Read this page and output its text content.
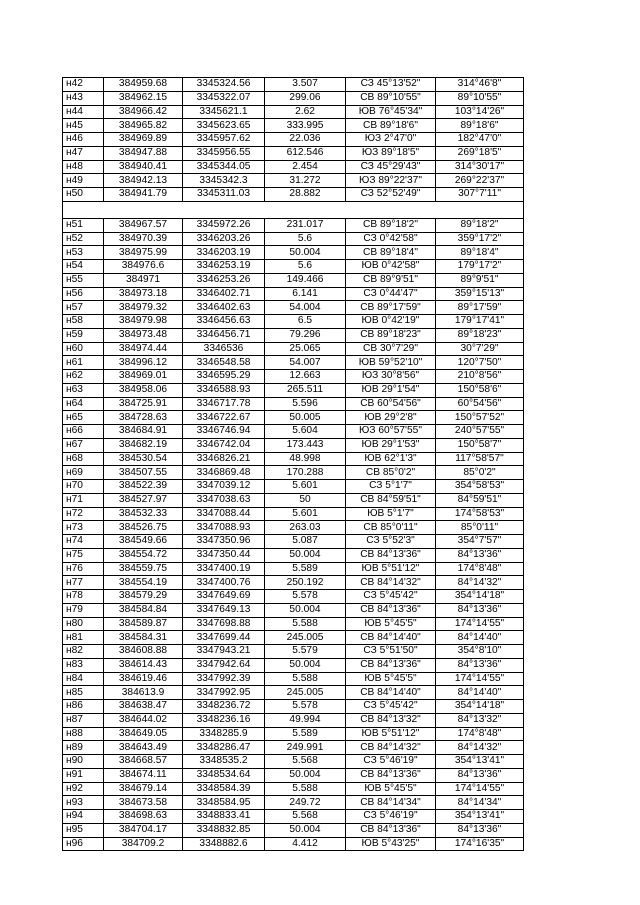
н42	384959.68	3345324.56	3.507	СЗ 45°13'52"	314°46'8"
н43	384962.15	3345322.07	299.06	СВ 89°10'55"	89°10'55"
н44	384966.42	3345621.1	2.62	ЮВ 76°45'34"	103°14'26"
н45	384965.82	3345623.65	333.995	СВ 89°18'6"	89°18'6"
н46	384969.89	3345957.62	22.036	ЮЗ 2°47'0"	182°47'0"
н47	384947.88	3345956.55	612.546	ЮЗ 89°18'5"	269°18'5"
н48	384940.41	3345344.05	2.454	СЗ 45°29'43"	314°30'17"
н49	384942.13	3345342.3	31.272	ЮЗ 89°22'37"	269°22'37"
н50	384941.79	3345311.03	28.882	СЗ 52°52'49"	307°7'11"

н51	384967.57	3345972.26	231.017	СВ 89°18'2"	89°18'2"
н52	384970.39	3346203.26	5.6	СЗ 0°42'58"	359°17'2"
н53	384975.99	3346203.19	50.004	СВ 89°18'4"	89°18'4"
н54	384976.6	3346253.19	5.6	ЮВ 0°42'58"	179°17'2"
н55	384971	3346253.26	149.466	СВ 89°9'51"	89°9'51"
н56	384973.18	3346402.71	6.141	СЗ 0°44'47"	359°15'13"
н57	384979.32	3346402.63	54.004	СВ 89°17'59"	89°17'59"
н58	384979.98	3346456.63	6.5	ЮВ 0°42'19"	179°17'41"
н59	384973.48	3346456.71	79.296	СВ 89°18'23"	89°18'23"
н60	384974.44	3346536	25.065	СВ 30°7'29"	30°7'29"
н61	384996.12	3346548.58	54.007	ЮВ 59°52'10"	120°7'50"
н62	384969.01	3346595.29	12.663	ЮЗ 30°8'56"	210°8'56"
н63	384958.06	3346588.93	265.511	ЮВ 29°1'54"	150°58'6"
н64	384725.91	3346717.78	5.596	СВ 60°54'56"	60°54'56"
н65	384728.63	3346722.67	50.005	ЮВ 29°2'8"	150°57'52"
н66	384684.91	3346746.94	5.604	ЮЗ 60°57'55"	240°57'55"
н67	384682.19	3346742.04	173.443	ЮВ 29°1'53"	150°58'7"
н68	384530.54	3346826.21	48.998	ЮВ 62°1'3"	117°58'57"
н69	384507.55	3346869.48	170.288	СВ 85°0'2"	85°0'2"
н70	384522.39	3347039.12	5.601	СЗ 5°1'7"	354°58'53"
н71	384527.97	3347038.63	50	СВ 84°59'51"	84°59'51"
н72	384532.33	3347088.44	5.601	ЮВ 5°1'7"	174°58'53"
н73	384526.75	3347088.93	263.03	СВ 85°0'11"	85°0'11"
н74	384549.66	3347350.96	5.087	СЗ 5°52'3"	354°7'57"
н75	384554.72	3347350.44	50.004	СВ 84°13'36"	84°13'36"
н76	384559.75	3347400.19	5.589	ЮВ 5°51'12"	174°8'48"
н77	384554.19	3347400.76	250.192	СВ 84°14'32"	84°14'32"
н78	384579.29	3347649.69	5.578	СЗ 5°45'42"	354°14'18"
н79	384584.84	3347649.13	50.004	СВ 84°13'36"	84°13'36"
н80	384589.87	3347698.88	5.588	ЮВ 5°45'5"	174°14'55"
н81	384584.31	3347699.44	245.005	СВ 84°14'40"	84°14'40"
н82	384608.88	3347943.21	5.579	СЗ 5°51'50"	354°8'10"
н83	384614.43	3347942.64	50.004	СВ 84°13'36"	84°13'36"
н84	384619.46	3347992.39	5.588	ЮВ 5°45'5"	174°14'55"
н85	384613.9	3347992.95	245.005	СВ 84°14'40"	84°14'40"
н86	384638.47	3348236.72	5.578	СЗ 5°45'42"	354°14'18"
н87	384644.02	3348236.16	49.994	СВ 84°13'32"	84°13'32"
н88	384649.05	3348285.9	5.589	ЮВ 5°51'12"	174°8'48"
н89	384643.49	3348286.47	249.991	СВ 84°14'32"	84°14'32"
н90	384668.57	3348535.2	5.568	СЗ 5°46'19"	354°13'41"
н91	384674.11	3348534.64	50.004	СВ 84°13'36"	84°13'36"
н92	384679.14	3348584.39	5.588	ЮВ 5°45'5"	174°14'55"
н93	384673.58	3348584.95	249.72	СВ 84°14'34"	84°14'34"
н94	384698.63	3348833.41	5.568	СЗ 5°46'19"	354°13'41"
н95	384704.17	3348832.85	50.004	СВ 84°13'36"	84°13'36"
н96	384709.2	3348882.6	4.412	ЮВ 5°43'25"	174°16'35"
